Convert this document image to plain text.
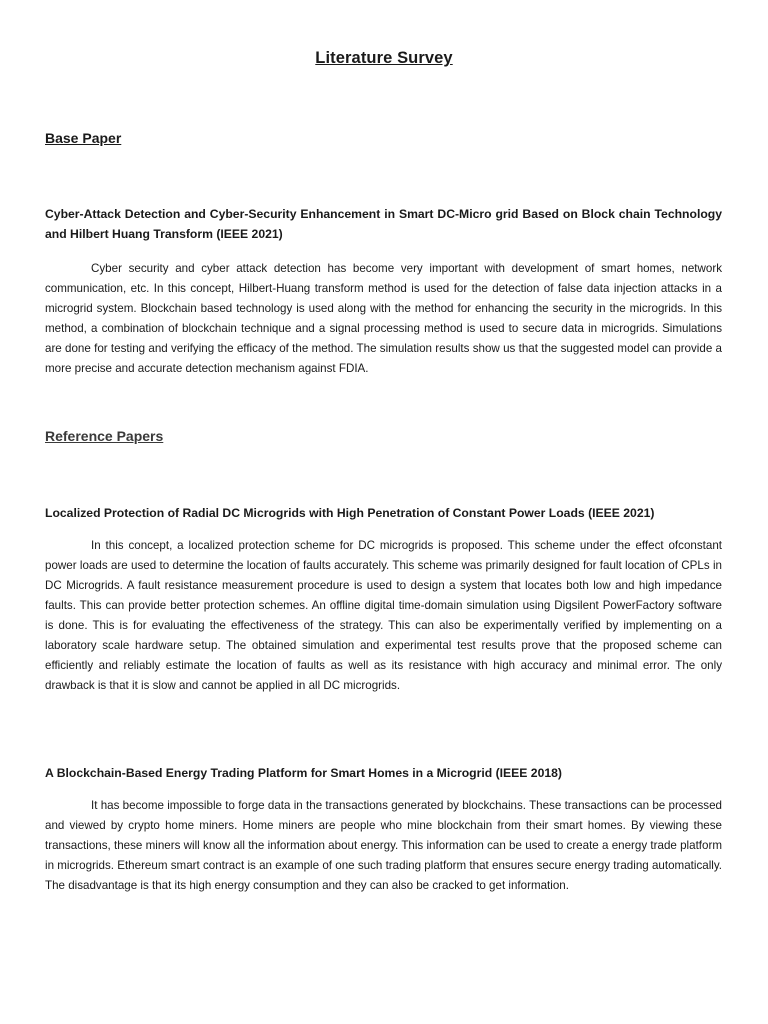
Literature Survey
Base Paper
Cyber-Attack Detection and Cyber-Security Enhancement in Smart DC-Micro grid Based on Block chain Technology and Hilbert Huang Transform (IEEE 2021)
Cyber security and cyber attack detection has become very important with development of smart homes, network communication, etc. In this concept, Hilbert-Huang transform method is used for the detection of false data injection attacks in a microgrid system. Blockchain based technology is used along with the method for enhancing the security in the microgrids. In this method, a combination of blockchain technique and a signal processing method is used to secure data in microgrids. Simulations are done for testing and verifying the efficacy of the method. The simulation results show us that the suggested model can provide a more precise and accurate detection mechanism against FDIA.
Reference Papers
Localized Protection of Radial DC Microgrids with High Penetration of Constant Power Loads (IEEE 2021)
In this concept, a localized protection scheme for DC microgrids is proposed. This scheme under the effect ofconstant power loads are used to determine the location of faults accurately. This scheme was primarily designed for fault location of CPLs in DC Microgrids. A fault resistance measurement procedure is used to design a system that locates both low and high impedance faults. This can provide better protection schemes. An offline digital time-domain simulation using Digsilent PowerFactory software is done. This is for evaluating the effectiveness of the strategy. This can also be experimentally verified by implementing on a laboratory scale hardware setup. The obtained simulation and experimental test results prove that the proposed scheme can efficiently and reliably estimate the location of faults as well as its resistance with high accuracy and minimal error. The only drawback is that it is slow and cannot be applied in all DC microgrids.
A Blockchain-Based Energy Trading Platform for Smart Homes in a Microgrid (IEEE 2018)
It has become impossible to forge data in the transactions generated by blockchains. These transactions can be processed and viewed by crypto home miners. Home miners are people who mine blockchain from their smart homes. By viewing these transactions, these miners will know all the information about energy. This information can be used to create a energy trade platform in microgrids. Ethereum smart contract is an example of one such trading platform that ensures secure energy trading automatically. The disadvantage is that its high energy consumption and they can also be cracked to get information.
